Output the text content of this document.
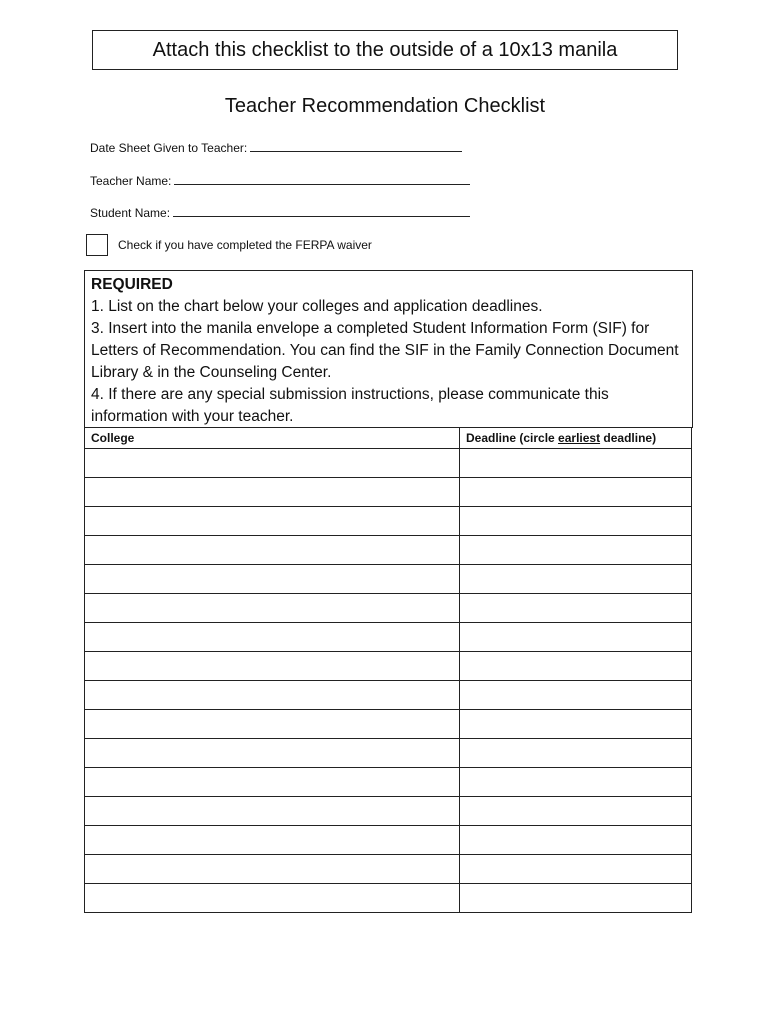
Attach this checklist to the outside of a 10x13 manila
Teacher Recommendation Checklist
Date Sheet Given to Teacher:
Teacher Name:
Student Name:
Check if you have completed the FERPA waiver
REQUIRED
1. List on the chart below your colleges and application deadlines.
3. Insert into the manila envelope a completed Student Information Form (SIF) for Letters of Recommendation. You can find the SIF in the Family Connection Document Library & in the Counseling Center.
4. If there are any special submission instructions, please communicate this information with your teacher.
College	Deadline (circle earliest deadline)
